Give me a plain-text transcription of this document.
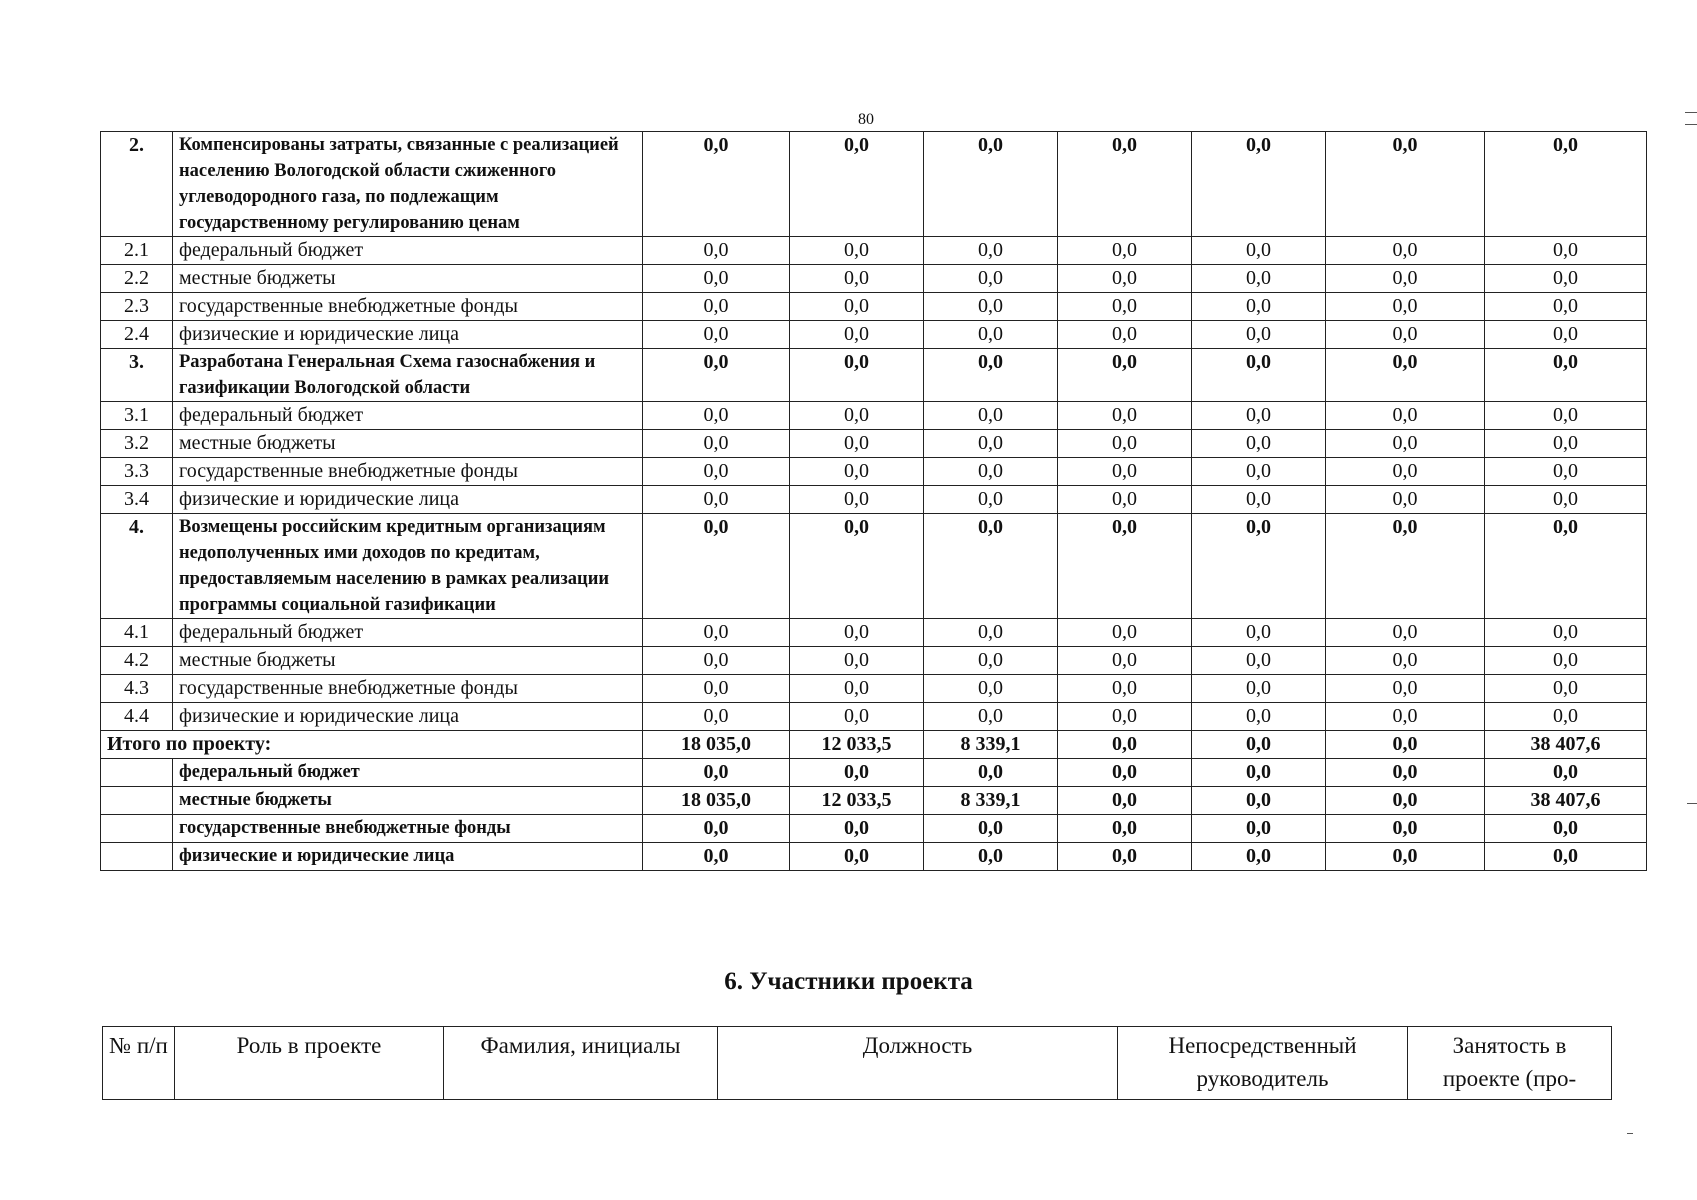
80
2.	Компенсированы затраты, связанные с реализацией населению Вологодской области сжиженного углеводородного газа, по подлежащим государственному регулированию ценам	0,0	0,0	0,0	0,0	0,0	0,0	0,0
2.1	федеральный бюджет	0,0	0,0	0,0	0,0	0,0	0,0	0,0
2.2	местные бюджеты	0,0	0,0	0,0	0,0	0,0	0,0	0,0
2.3	государственные внебюджетные фонды	0,0	0,0	0,0	0,0	0,0	0,0	0,0
2.4	физические и юридические лица	0,0	0,0	0,0	0,0	0,0	0,0	0,0
3.	Разработана Генеральная Схема газоснабжения и газификации Вологодской области	0,0	0,0	0,0	0,0	0,0	0,0	0,0
3.1	федеральный бюджет	0,0	0,0	0,0	0,0	0,0	0,0	0,0
3.2	местные бюджеты	0,0	0,0	0,0	0,0	0,0	0,0	0,0
3.3	государственные внебюджетные фонды	0,0	0,0	0,0	0,0	0,0	0,0	0,0
3.4	физические и юридические лица	0,0	0,0	0,0	0,0	0,0	0,0	0,0
4.	Возмещены российским кредитным организациям недополученных ими доходов по кредитам, предоставляемым населению в рамках реализации программы социальной газификации	0,0	0,0	0,0	0,0	0,0	0,0	0,0
4.1	федеральный бюджет	0,0	0,0	0,0	0,0	0,0	0,0	0,0
4.2	местные бюджеты	0,0	0,0	0,0	0,0	0,0	0,0	0,0
4.3	государственные внебюджетные фонды	0,0	0,0	0,0	0,0	0,0	0,0	0,0
4.4	физические и юридические лица	0,0	0,0	0,0	0,0	0,0	0,0	0,0
Итого по проекту:		18 035,0	12 033,5	8 339,1	0,0	0,0	0,0	38 407,6
	федеральный бюджет	0,0	0,0	0,0	0,0	0,0	0,0	0,0
	местные бюджеты	18 035,0	12 033,5	8 339,1	0,0	0,0	0,0	38 407,6
	государственные внебюджетные фонды	0,0	0,0	0,0	0,0	0,0	0,0	0,0
	физические и юридические лица	0,0	0,0	0,0	0,0	0,0	0,0	0,0
6. Участники проекта
№ п/п	Роль в проекте	Фамилия, инициалы	Должность	Непосредственный руководитель	Занятость в проекте (про-
